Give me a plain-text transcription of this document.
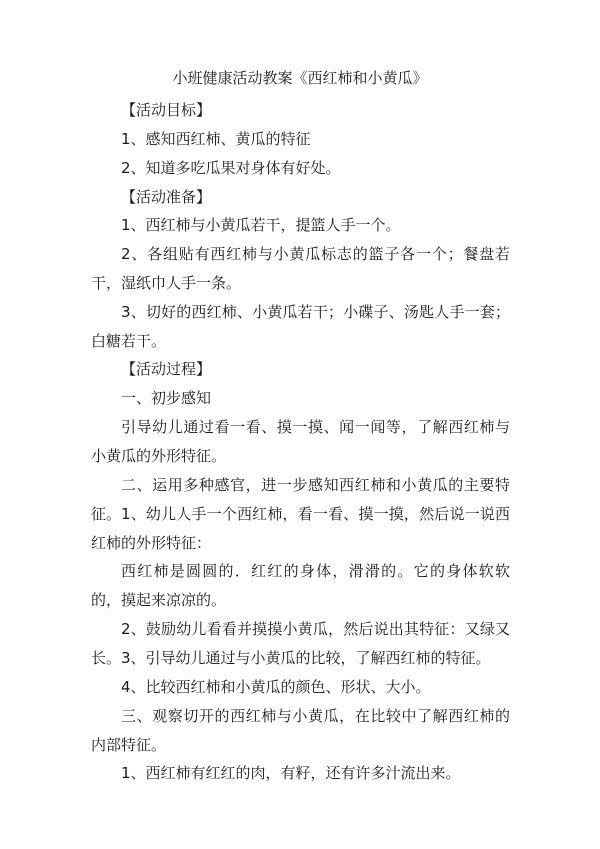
小班健康活动教案《西红柿和小黄瓜》

【活动目标】

1、感知西红柿、黄瓜的特征

2、知道多吃瓜果对身体有好处。

【活动准备】

1、西红柿与小黄瓜若干，提篮人手一个。

2、各组贴有西红柿与小黄瓜标志的篮子各一个；餐盘若干，湿纸巾人手一条。

3、切好的西红柿、小黄瓜若干；小碟子、汤匙人手一套；白糖若干。

【活动过程】

一、初步感知

引导幼儿通过看一看、摸一摸、闻一闻等，了解西红柿与小黄瓜的外形特征。

二、运用多种感官，进一步感知西红柿和小黄瓜的主要特征。 1、幼儿人手一个西红柿，看一看、摸一摸，然后说一说西红柿的外形特征：

西红柿是圆圆的．红红的身体，滑滑的。它的身体软软的，摸起来凉凉的。

2、鼓励幼儿看看并摸摸小黄瓜，然后说出其特征：又绿又长。 3、引导幼儿通过与小黄瓜的比较，了解西红柿的特征。

4、比较西红柿和小黄瓜的颜色、形状、大小。

三、观察切开的西红柿与小黄瓜，在比较中了解西红柿的内部特征。

1、西红柿有红红的肉，有籽，还有许多汁流出来。
